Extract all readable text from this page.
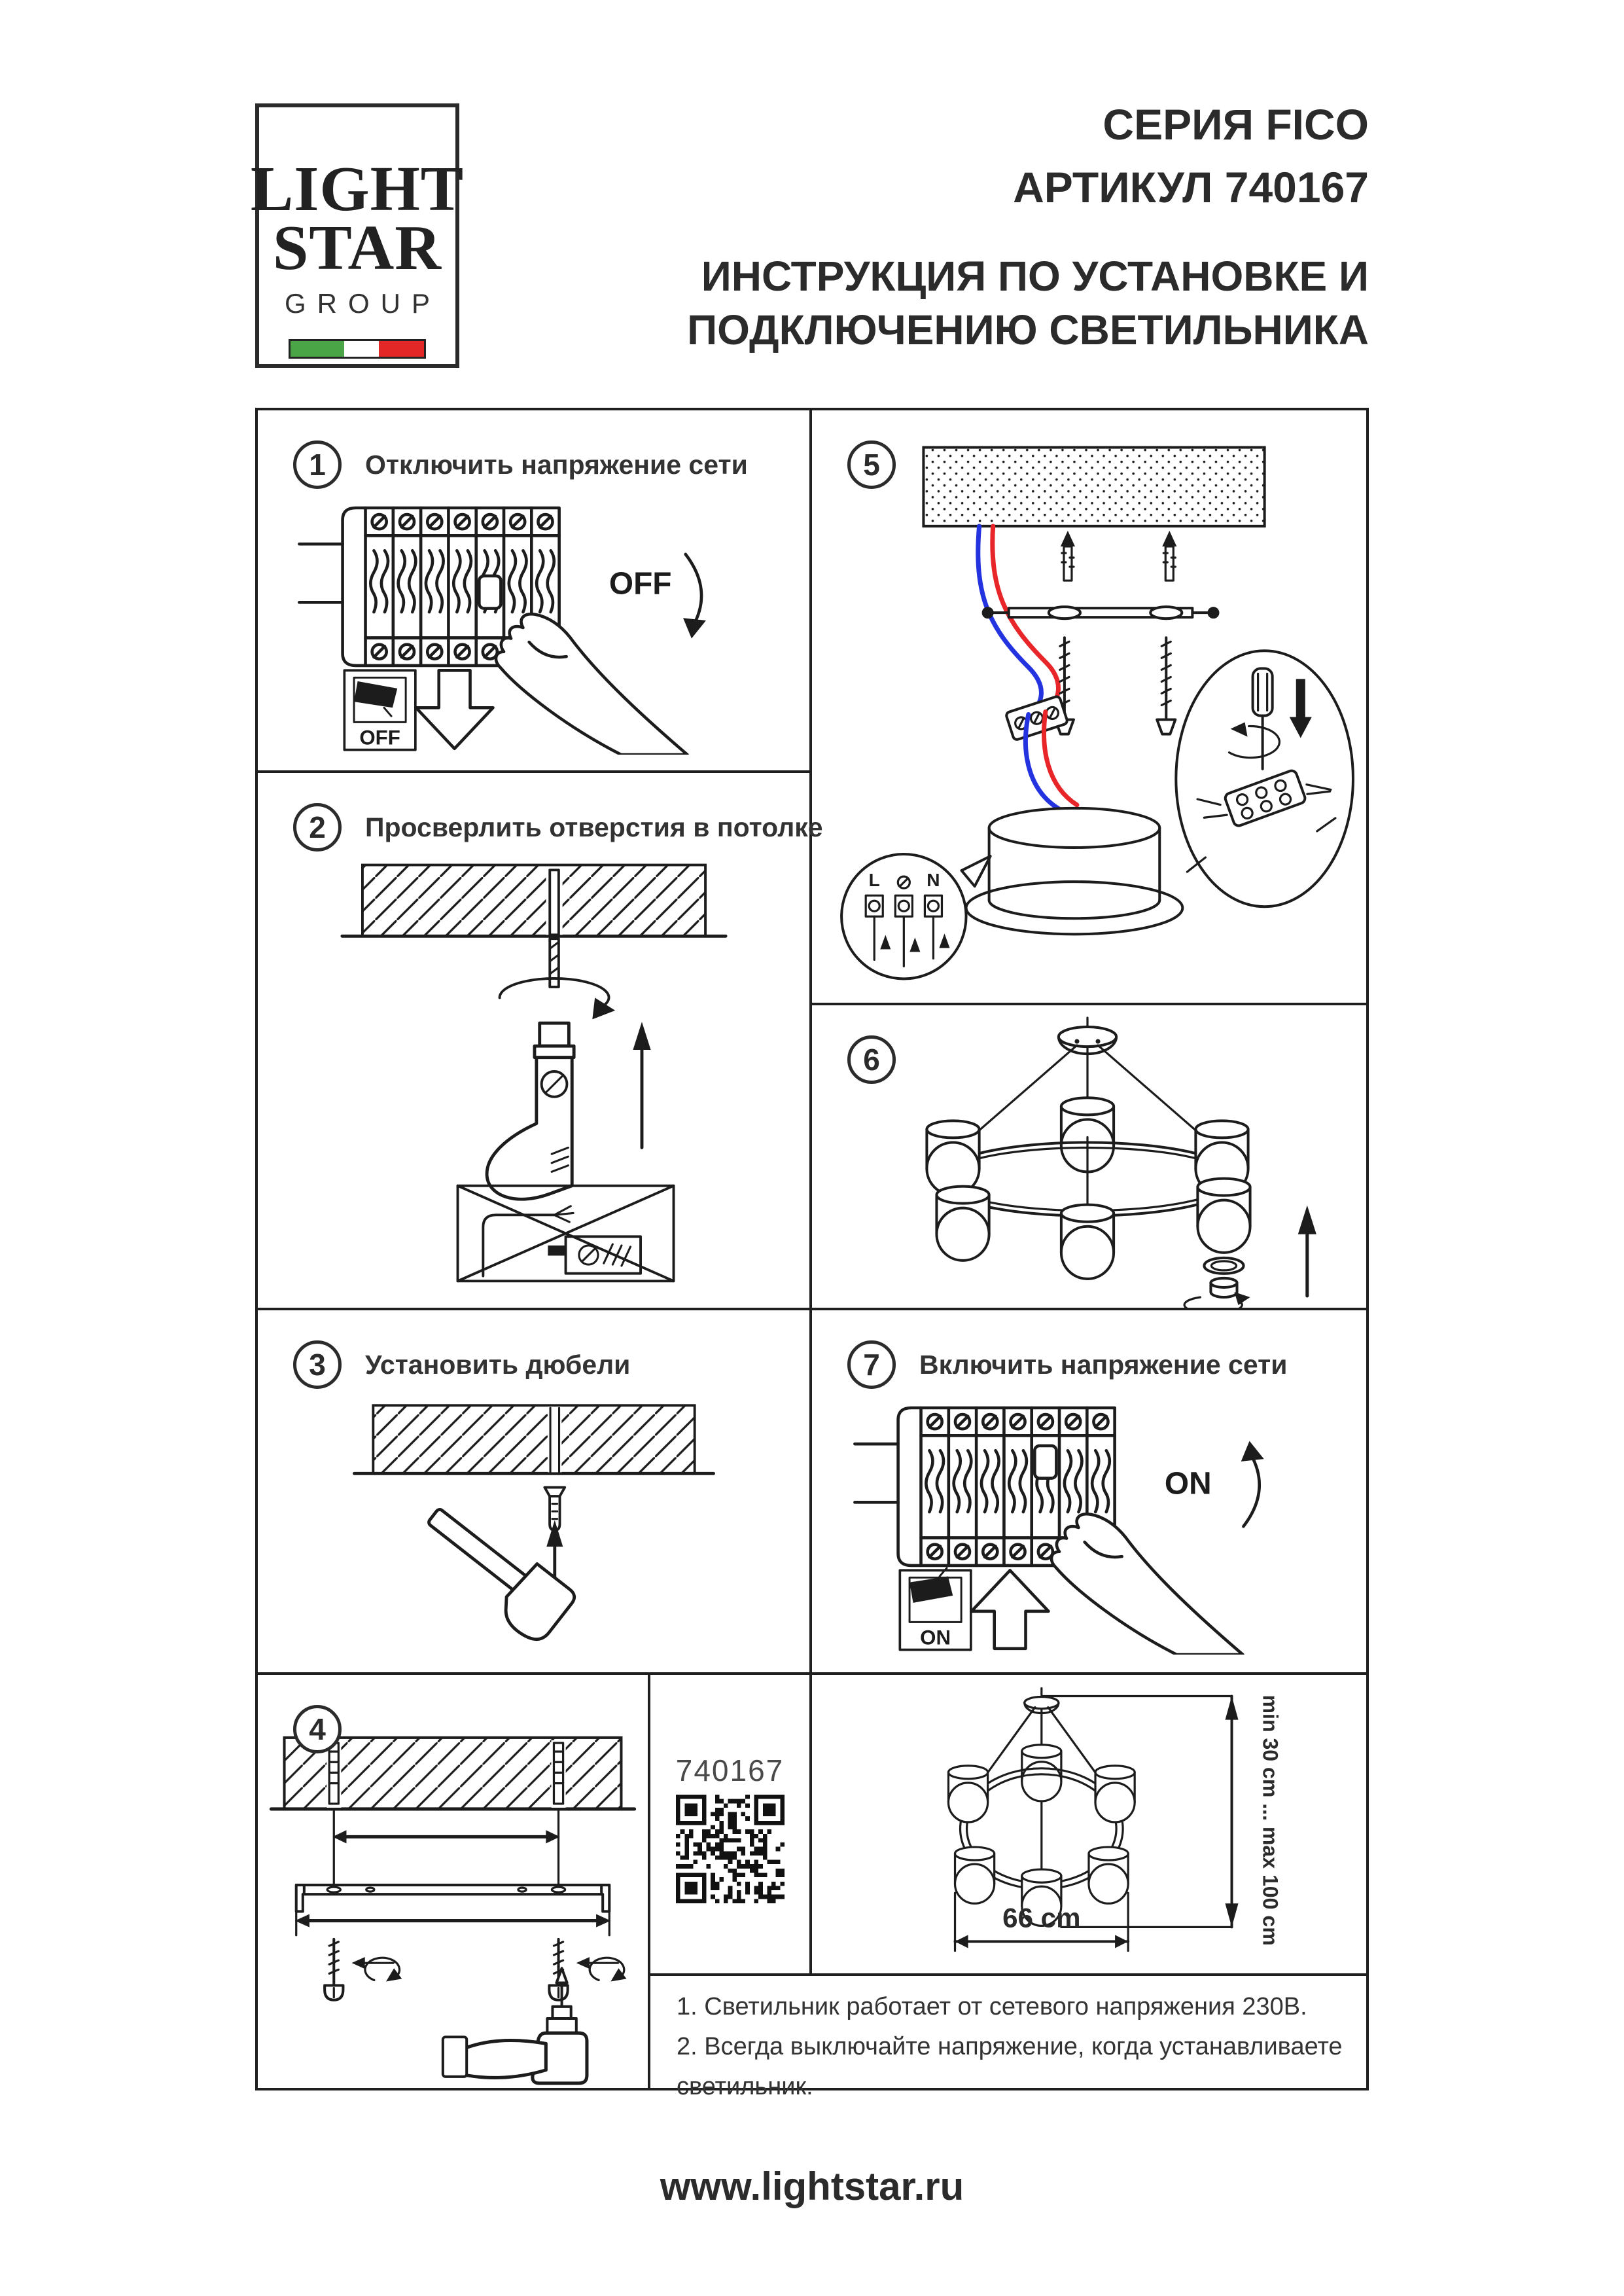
LIGHT
STAR
GROUP
СЕРИЯ FICO
АРТИКУЛ 740167
ИНСТРУКЦИЯ ПО УСТАНОВКЕ И
ПОДКЛЮЧЕНИЮ СВЕТИЛЬНИКА
1	Отключить напряжение сети
OFF
OFF
2	Просверлить отверстия в потолке
3	Установить дюбели
4
5
L	N
6
7	Включить напряжение сети
ON
ON
740167	min 30 cm ... max 100 cm
66 cm
1. Светильник работает от сетевого напряжения 230В.
2. Всегда выключайте напряжение, когда устанавливаете светильник.
www.lightstar.ru
